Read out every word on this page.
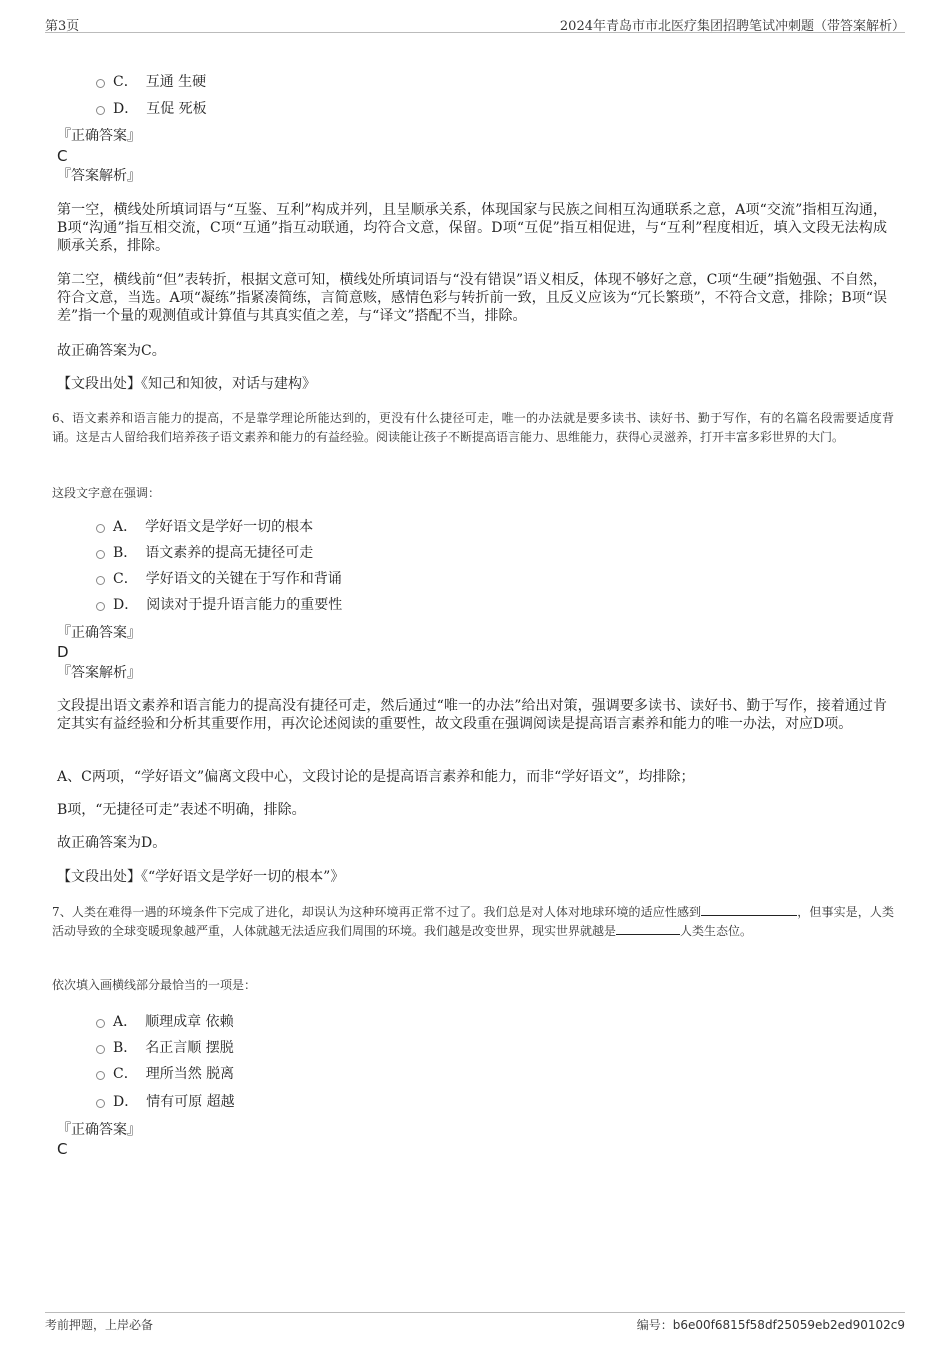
第3页	2024年青岛市市北医疗集团招聘笔试冲刺题（带答案解析）
C． 互通 生硬
D． 互促 死板
『正确答案』
C
『答案解析』
第一空，横线处所填词语与“互鉴、互利”构成并列，且呈顺承关系，体现国家与民族之间相互沟通联系之意，A项“交流”指相互沟通，B项“沟通”指互相交流，C项“互通”指互动联通，均符合文意，保留。D项“互促”指互相促进，与“互利”程度相近，填入文段无法构成顺承关系，排除。
第二空，横线前“但”表转折，根据文意可知，横线处所填词语与“没有错误”语义相反，体现不够好之意，C项“生硬”指勉强、不自然，符合文意，当选。A项“凝练”指紧凑简练，言简意赅，感情色彩与转折前一致，且反义应该为“冗长繁琐”，不符合文意，排除；B项“误差”指一个量的观测值或计算值与其真实值之差，与“译文”搭配不当，排除。
故正确答案为C。
【文段出处】《知己和知彼，对话与建构》
6、语文素养和语言能力的提高，不是靠学理论所能达到的，更没有什么捷径可走，唯一的办法就是要多读书、读好书、勤于写作，有的名篇名段需要适度背诵。这是古人留给我们培养孩子语文素养和能力的有益经验。阅读能让孩子不断提高语言能力、思维能力，获得心灵滋养，打开丰富多彩世界的大门。
这段文字意在强调：
A． 学好语文是学好一切的根本
B． 语文素养的提高无捷径可走
C． 学好语文的关键在于写作和背诵
D． 阅读对于提升语言能力的重要性
『正确答案』
D
『答案解析』
文段提出语文素养和语言能力的提高没有捷径可走，然后通过“唯一的办法”给出对策，强调要多读书、读好书、勤于写作，接着通过肯定其实有益经验和分析其重要作用，再次论述阅读的重要性，故文段重在强调阅读是提高语言素养和能力的唯一办法，对应D项。
A、C两项，“学好语文”偏离文段中心，文段讨论的是提高语言素养和能力，而非“学好语文”，均排除；
B项，“无捷径可走”表述不明确，排除。
故正确答案为D。
【文段出处】《“学好语文是学好一切的根本”》
7、人类在难得一遇的环境条件下完成了进化，却误认为这种环境再正常不过了。我们总是对人体对地球环境的适应性感到	，但事实是，人类活动导致的全球变暖现象越严重，人体就越无法适应我们周围的环境。我们越是改变世界，现实世界就越是	人类生态位。
依次填入画横线部分最恰当的一项是：
A． 顺理成章 依赖
B． 名正言顺 摆脱
C． 理所当然 脱离
D． 情有可原 超越
『正确答案』
C
考前押题，上岸必备	编号：b6e00f6815f58df25059eb2ed90102c9
